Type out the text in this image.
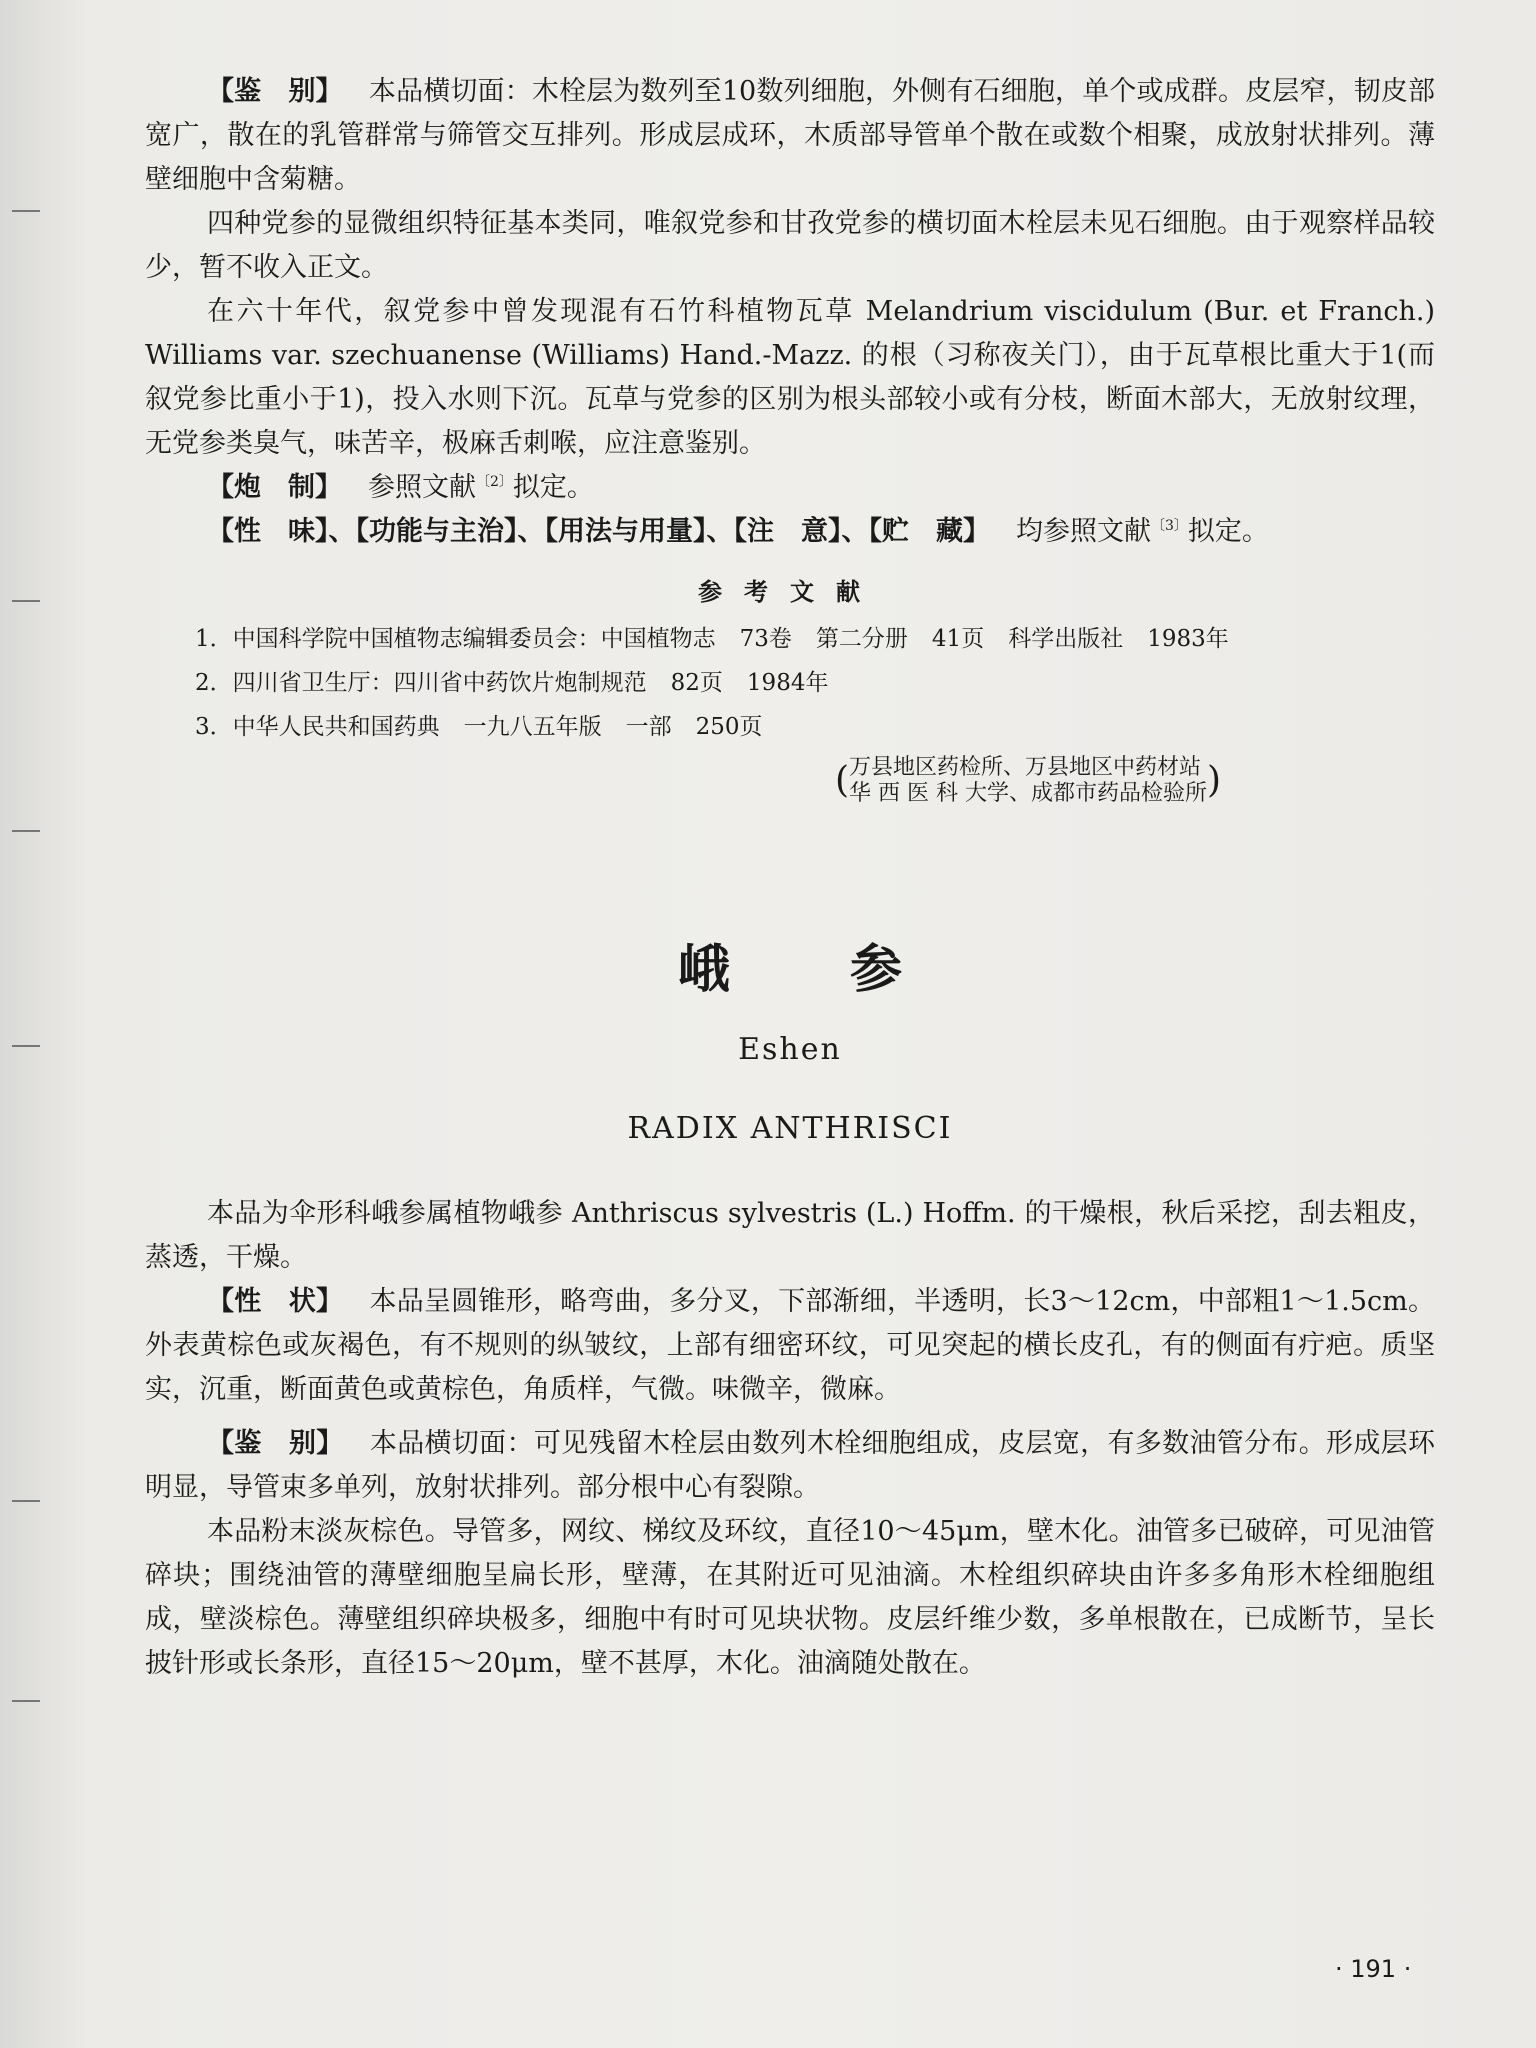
【鉴　别】 本品横切面：木栓层为数列至10数列细胞，外侧有石细胞，单个或成群。皮层窄，韧皮部宽广，散在的乳管群常与筛管交互排列。形成层成环，木质部导管单个散在或数个相聚，成放射状排列。薄壁细胞中含菊糖。

四种党参的显微组织特征基本类同，唯叙党参和甘孜党参的横切面木栓层未见石细胞。由于观察样品较少，暂不收入正文。

在六十年代，叙党参中曾发现混有石竹科植物瓦草 Melandrium viscidulum (Bur. et Franch.) Williams var. szechuanense (Williams) Hand.-Mazz. 的根（习称夜关门），由于瓦草根比重大于1(而叙党参比重小于1)，投入水则下沉。瓦草与党参的区别为根头部较小或有分枝，断面木部大，无放射纹理，无党参类臭气，味苦辛，极麻舌刺喉，应注意鉴别。

【炮　制】 参照文献$^{〔2〕}$拟定。

【性　味】、【功能与主治】、【用法与用量】、【注　意】、【贮　藏】 均参照文献$^{〔3〕}$拟定。

参考文献
1．中国科学院中国植物志编辑委员会：中国植物志 73卷 第二分册 41页 科学出版社 1983年
2．四川省卫生厅：四川省中药饮片炮制规范 82页 1984年
3．中华人民共和国药典 一九八五年版 一部 250页
(万县地区药检所、万县地区中药材站
华 西 医 科 大学、成都市药品检验所)
峨参
Eshen
RADIX ANTHRISCI

本品为伞形科峨参属植物峨参 Anthriscus sylvestris (L.) Hoffm. 的干燥根，秋后采挖，刮去粗皮，蒸透，干燥。

【性　状】 本品呈圆锥形，略弯曲，多分叉，下部渐细，半透明，长3～12cm，中部粗1～1.5cm。外表黄棕色或灰褐色，有不规则的纵皱纹，上部有细密环纹，可见突起的横长皮孔，有的侧面有疔疤。质坚实，沉重，断面黄色或黄棕色，角质样，气微。味微辛，微麻。

【鉴　别】 本品横切面：可见残留木栓层由数列木栓细胞组成，皮层宽，有多数油管分布。形成层环明显，导管束多单列，放射状排列。部分根中心有裂隙。

本品粉末淡灰棕色。导管多，网纹、梯纹及环纹，直径10～45μm，壁木化。油管多已破碎，可见油管碎块；围绕油管的薄壁细胞呈扁长形，壁薄，在其附近可见油滴。木栓组织碎块由许多多角形木栓细胞组成，壁淡棕色。薄壁组织碎块极多，细胞中有时可见块状物。皮层纤维少数，多单根散在，已成断节，呈长披针形或长条形，直径15～20μm，壁不甚厚，木化。油滴随处散在。

· 191 ·
